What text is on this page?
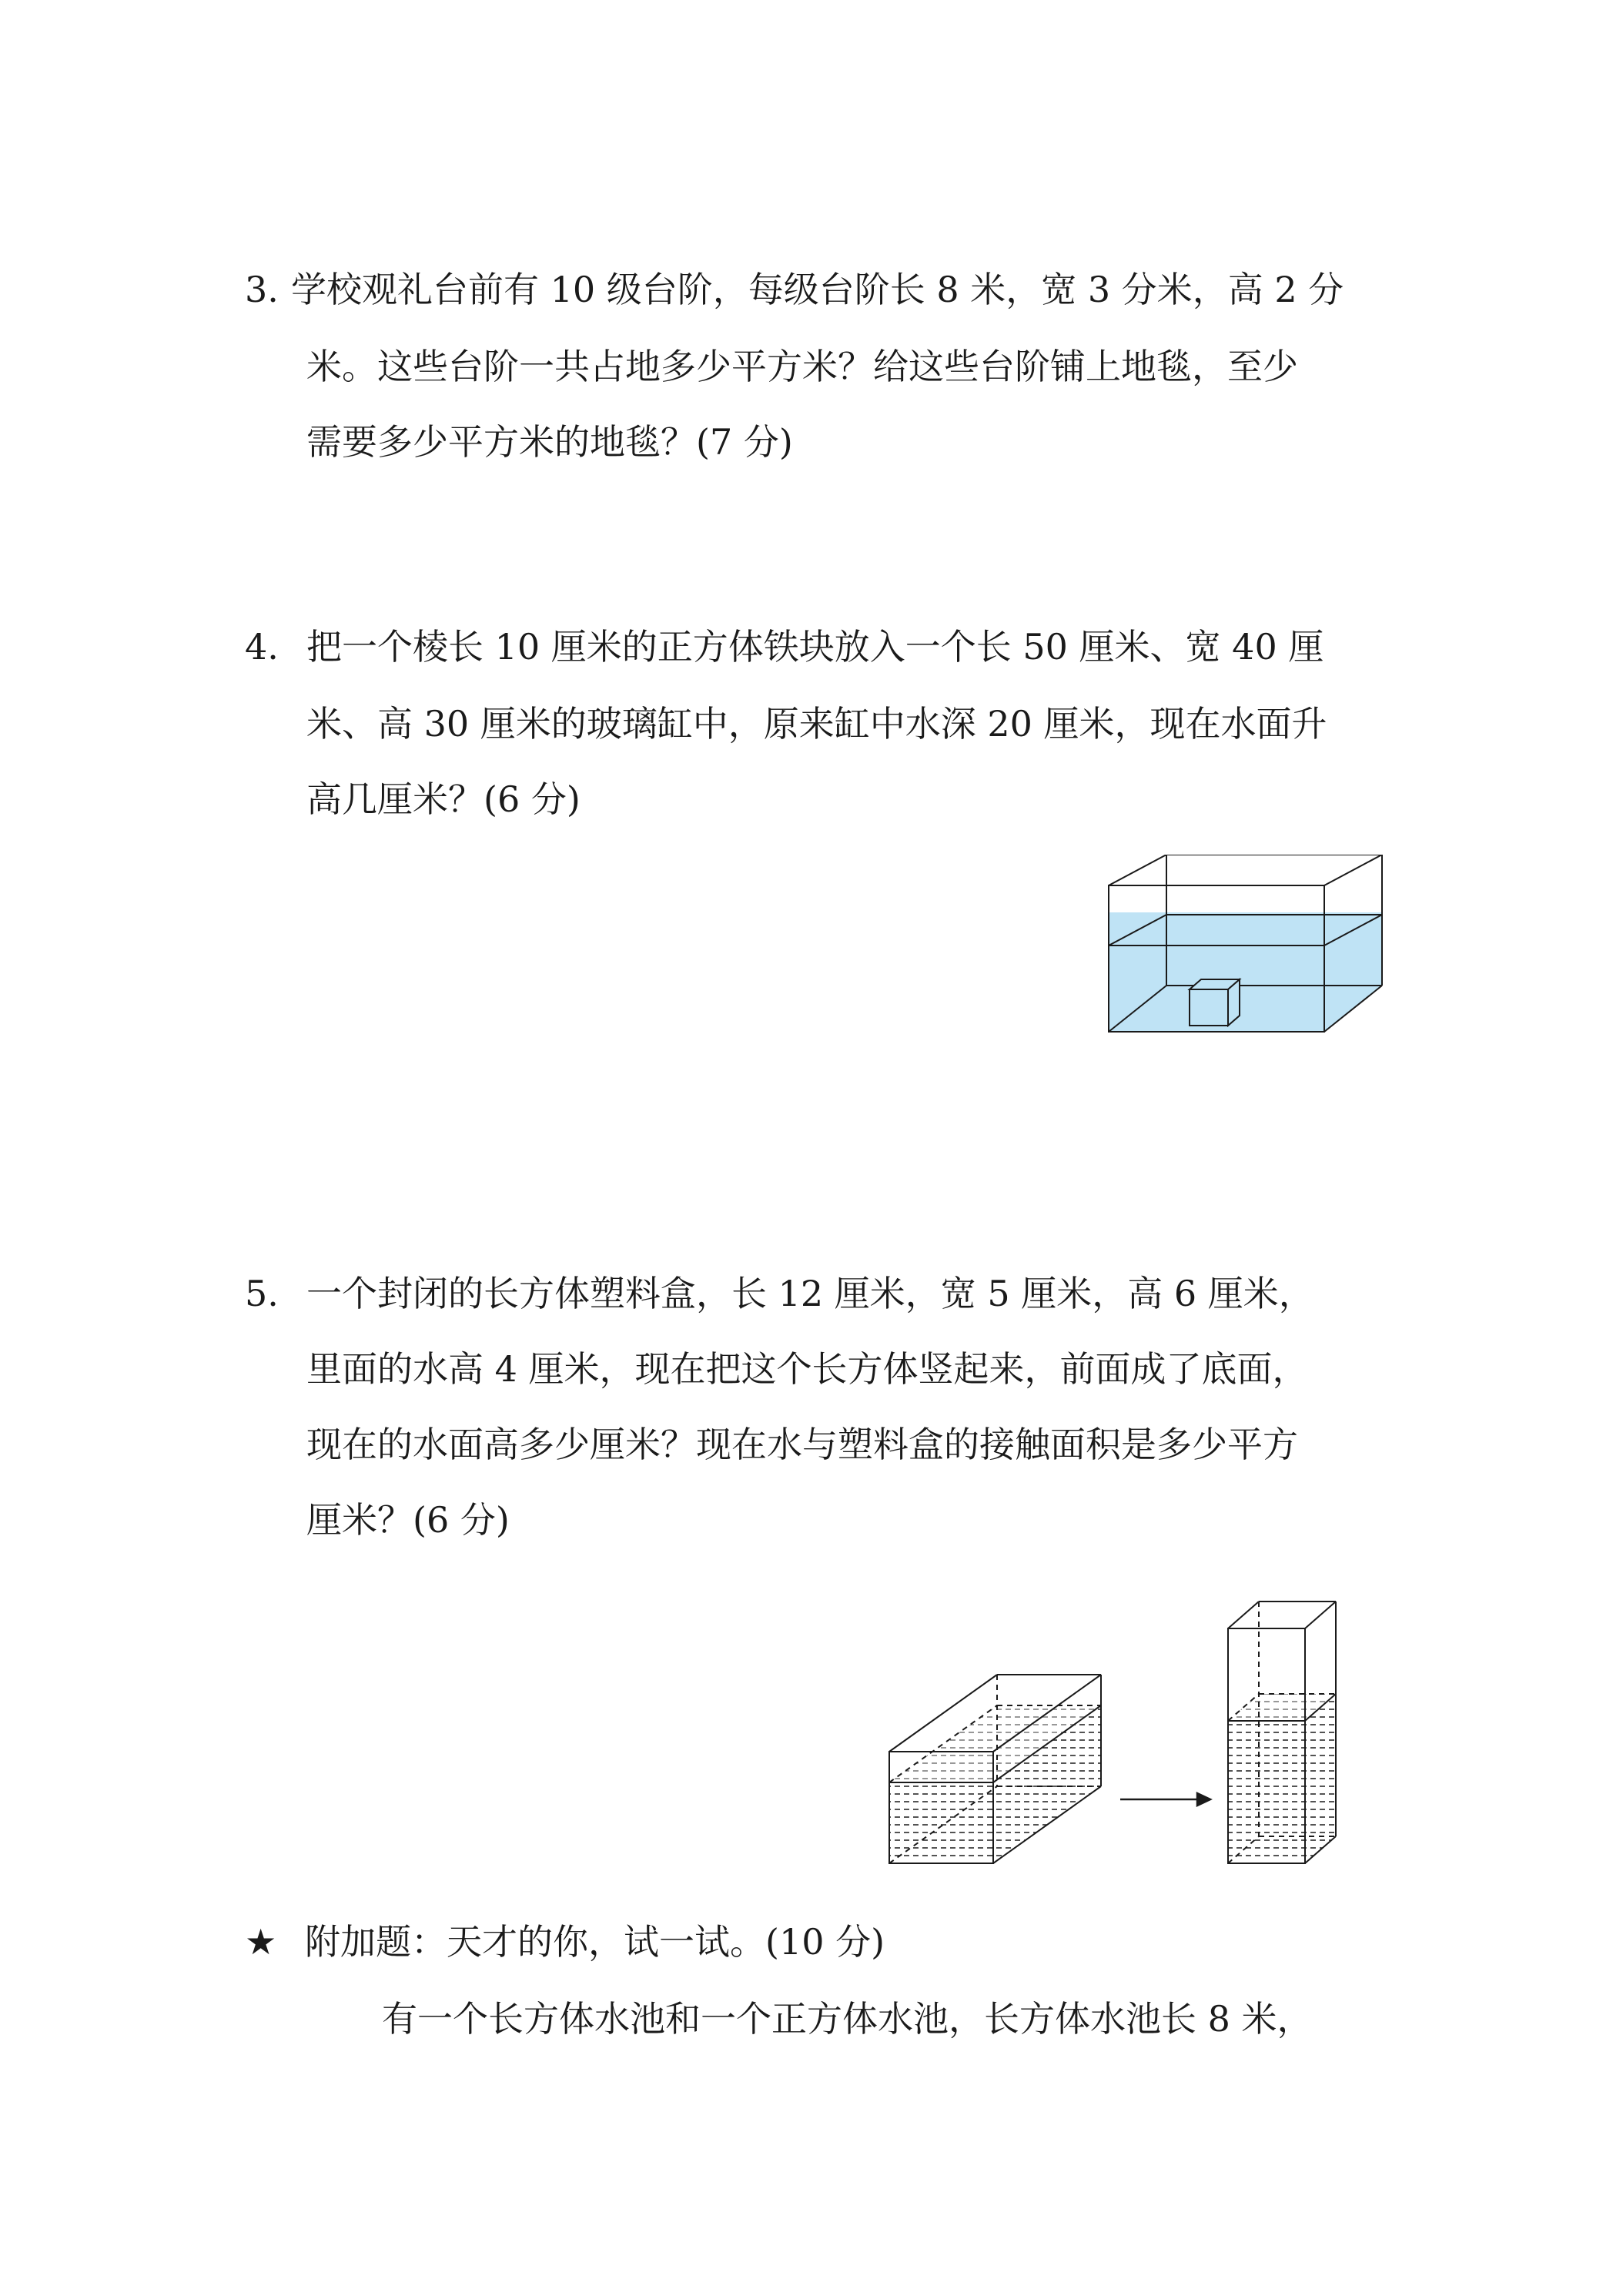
3. 学校观礼台前有 10 级台阶，每级台阶长 8 米，宽 3 分米，高 2 分
米。这些台阶一共占地多少平方米？给这些台阶铺上地毯，至少
需要多少平方米的地毯？(7 分)
4. 把一个棱长 10 厘米的正方体铁块放入一个长 50 厘米、宽 40 厘
米、高 30 厘米的玻璃缸中，原来缸中水深 20 厘米，现在水面升
高几厘米？(6 分)
5. 一个封闭的长方体塑料盒，长 12 厘米，宽 5 厘米，高 6 厘米，
里面的水高 4 厘米，现在把这个长方体竖起来，前面成了底面，
现在的水面高多少厘米？现在水与塑料盒的接触面积是多少平方
厘米？(6 分)
★ 附加题：天才的你，试一试。(10 分)
有一个长方体水池和一个正方体水池，长方体水池长 8 米，
